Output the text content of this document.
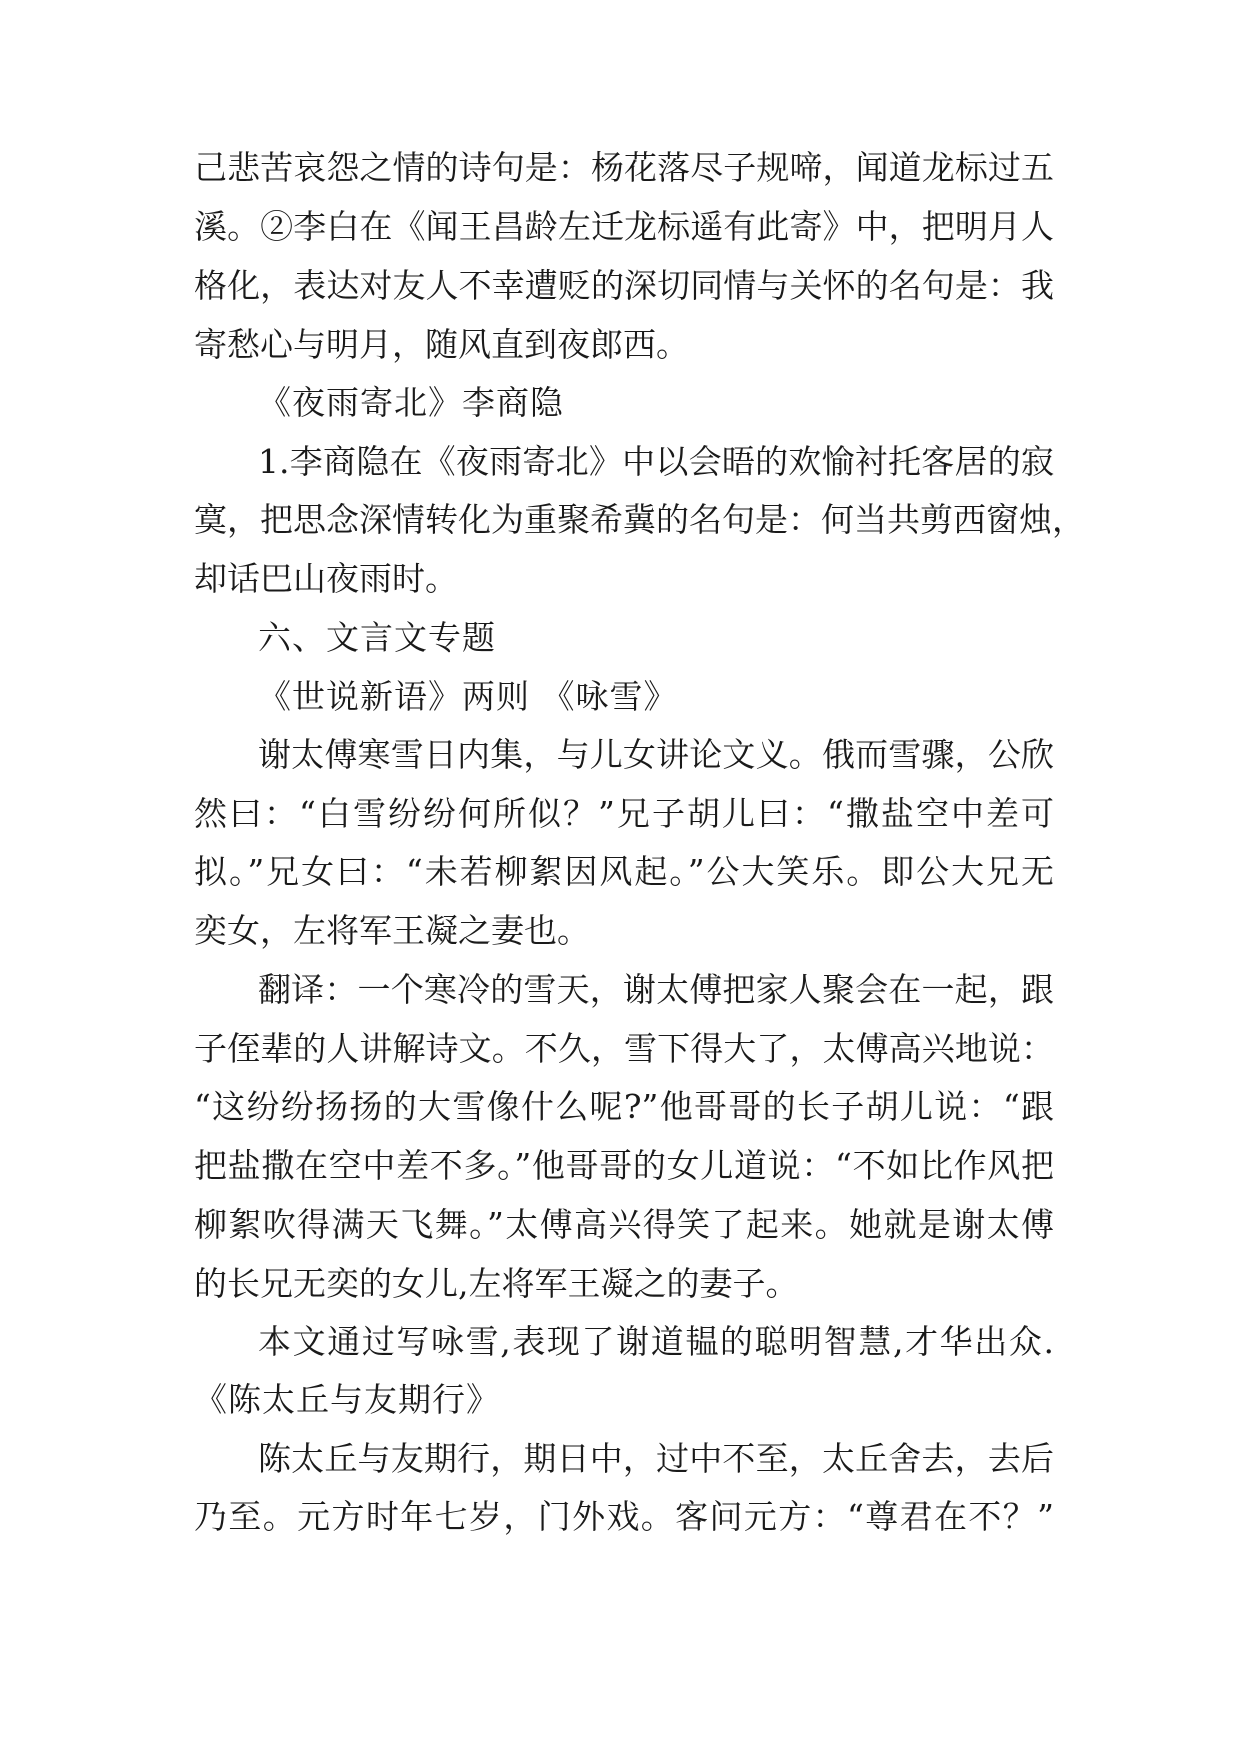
己悲苦哀怨之情的诗句是：杨花落尽子规啼，闻道龙标过五
溪。②李白在《闻王昌龄左迁龙标遥有此寄》中，把明月人
格化，表达对友人不幸遭贬的深切同情与关怀的名句是：我
寄愁心与明月，随风直到夜郎西。
《夜雨寄北》李商隐
1.李商隐在《夜雨寄北》中以会晤的欢愉衬托客居的寂
寞，把思念深情转化为重聚希冀的名句是：何当共剪西窗烛，
却话巴山夜雨时。
六、文言文专题
《世说新语》两则 《咏雪》
谢太傅寒雪日内集，与儿女讲论文义。俄而雪骤，公欣
然曰：“白雪纷纷何所似？”兄子胡儿曰：“撒盐空中差可
拟。”兄女曰：“未若柳絮因风起。”公大笑乐。即公大兄无
奕女，左将军王凝之妻也。
翻译：一个寒冷的雪天，谢太傅把家人聚会在一起，跟
子侄辈的人讲解诗文。不久，雪下得大了，太傅高兴地说：
“这纷纷扬扬的大雪像什么呢?”他哥哥的长子胡儿说：“跟
把盐撒在空中差不多。”他哥哥的女儿道说：“不如比作风把
柳絮吹得满天飞舞。”太傅高兴得笑了起来。她就是谢太傅
的长兄无奕的女儿,左将军王凝之的妻子。
本文通过写咏雪,表现了谢道韫的聪明智慧,才华出众.
《陈太丘与友期行》
陈太丘与友期行，期日中，过中不至，太丘舍去，去后
乃至。元方时年七岁，门外戏。客问元方：“尊君在不？”
